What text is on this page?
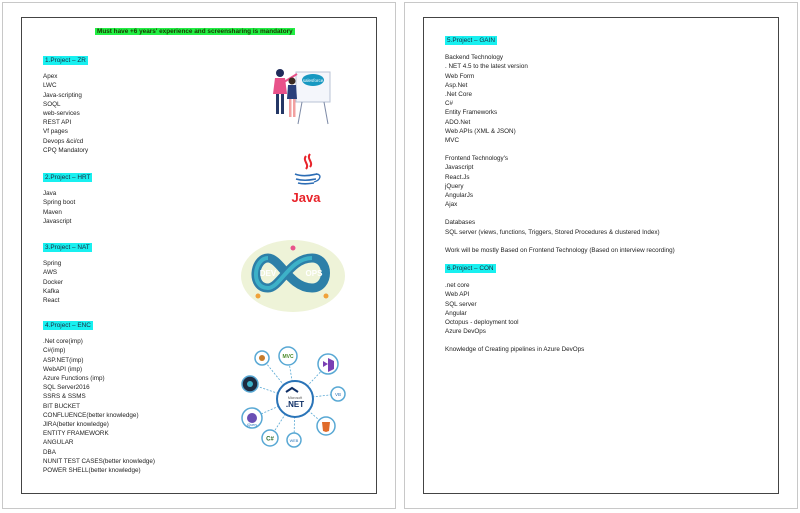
Must have +6 years' experience and screensharing is mandatory
1.Project – ZR
Apex
LWC
Java-scripting
SOQL
web-services
REST API
Vf pages
Devops &ci/cd
CPQ Mandatory
2.Project – HRT
Java
Spring boot
Maven
Javascript
3.Project – NAT
Spring
AWS
Docker
Kafka
React
4.Project – ENC
.Net core(imp)
C#(imp)
ASP.NET(imp)
WebAPI (imp)
Azure Functions (imp)
SQL Server2016
SSRS & SSMS
BIT BUCKET
CONFLUENCE(better knowledge)
JIRA(better knowledge)
ENTITY FRAMEWORK
ANGULAR
DBA
NUNIT TEST CASES(better knowledge)
POWER SHELL(better knowledge)
salesforce
Java
DEV	OPS
Microsoft
.NET
MVC
VB
C#	WEB
jQuery
5.Project – GAIN
Backend Technology
. NET 4.5 to the latest version
Web Form
Asp.Net
.Net Core
C#
Entity Frameworks
ADO.Net
Web APIs (XML & JSON)
MVC
Frontend Technology's
Javascript
React.Js
jQuery
AngularJs
Ajax
Databases
SQL server (views, functions, Triggers, Stored Procedures & clustered Index)
Work will be mostly Based on Frontend Technology (Based on interview recording)
6.Project – CON
.net core
Web API
SQL server
Angular
Octopus - deployment tool
Azure DevOps
Knowledge of Creating pipelines in Azure DevOps
